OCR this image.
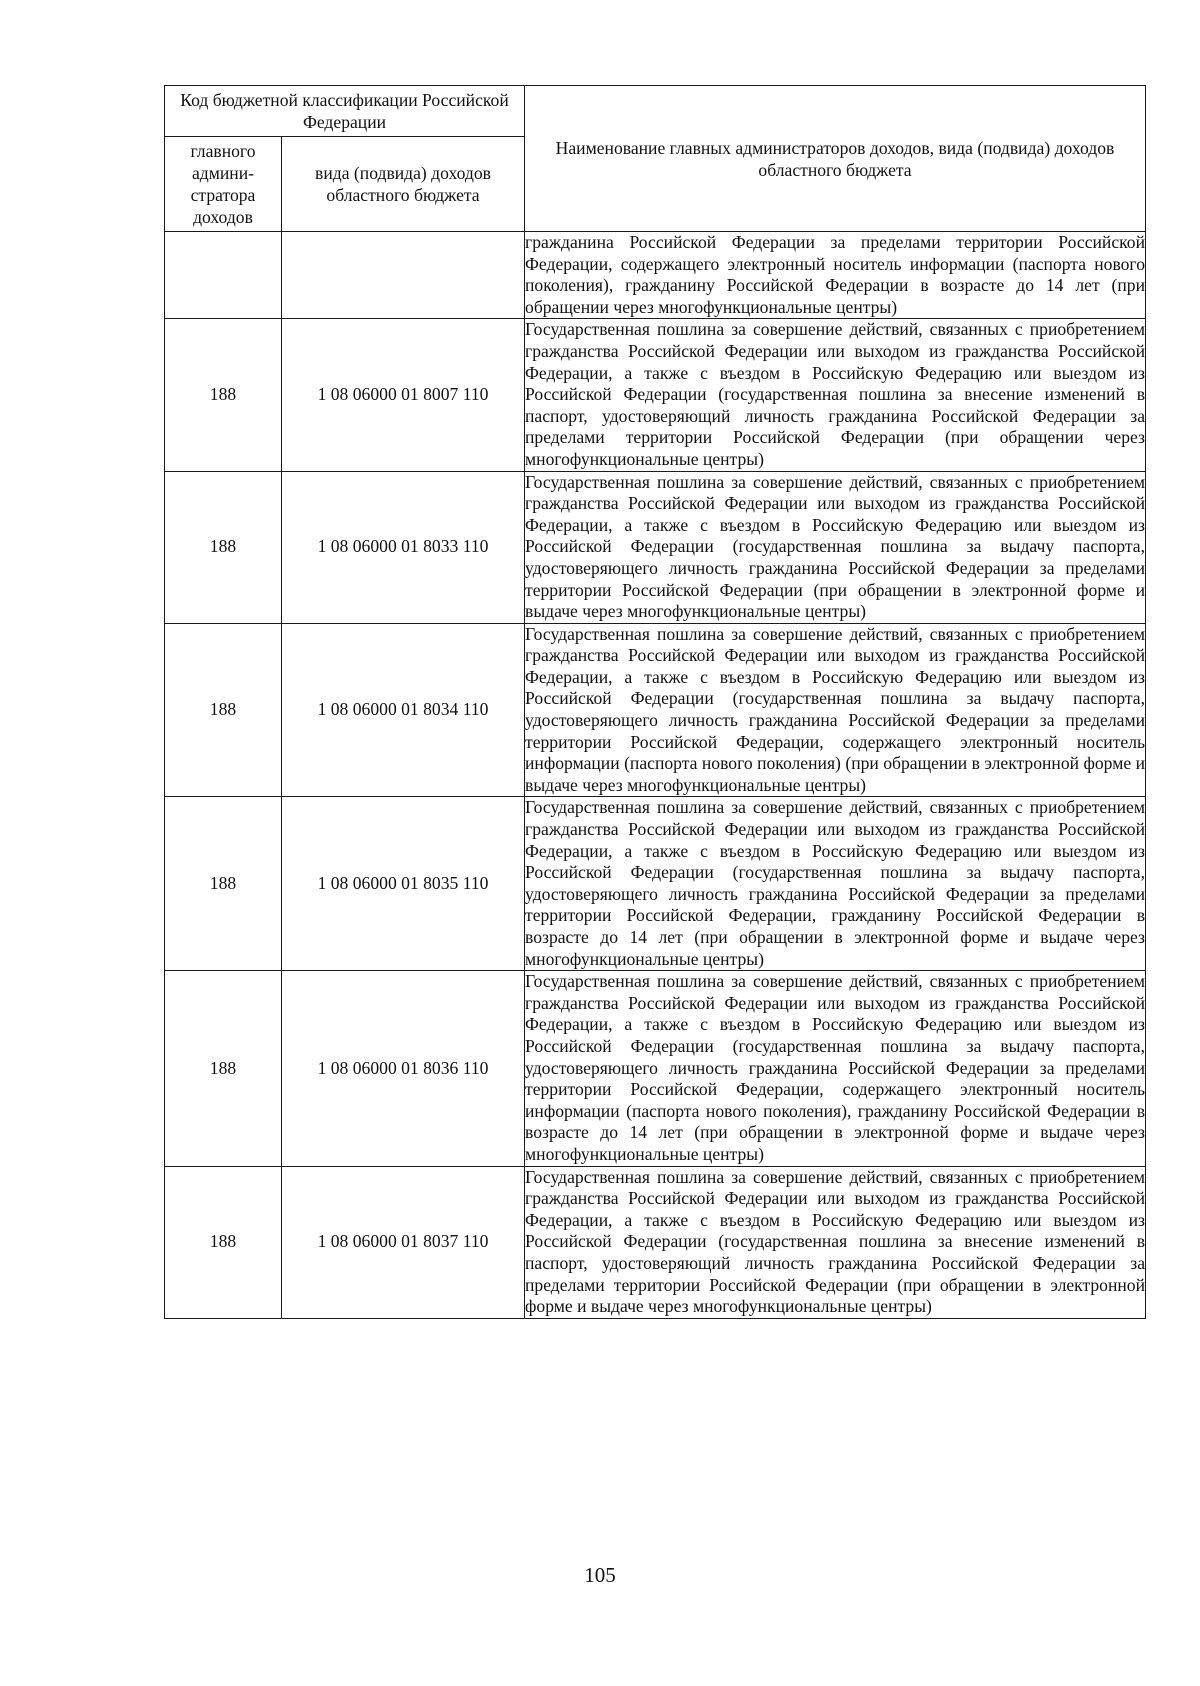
Код бюджетной классификации Российской Федерации		Наименование главных администраторов доходов, вида (подвида) доходов областного бюджета
главного админи-стратора доходов	вида (подвида) доходов областного бюджета	
		гражданина Российской Федерации за пределами территории Российской Федерации, содержащего электронный носитель информации (паспорта нового поколения), гражданину Российской Федерации в возрасте до 14 лет (при обращении через многофункциональные центры)
188	1 08 06000 01 8007 110	Государственная пошлина за совершение действий, связанных с приобретением гражданства Российской Федерации или выходом из гражданства Российской Федерации, а также с въездом в Российскую Федерацию или выездом из Российской Федерации (государственная пошлина за внесение изменений в паспорт, удостоверяющий личность гражданина Российской Федерации за пределами территории Российской Федерации (при обращении через многофункциональные центры)
188	1 08 06000 01 8033 110	Государственная пошлина за совершение действий, связанных с приобретением гражданства Российской Федерации или выходом из гражданства Российской Федерации, а также с въездом в Российскую Федерацию или выездом из Российской Федерации (государственная пошлина за выдачу паспорта, удостоверяющего личность гражданина Российской Федерации за пределами территории Российской Федерации (при обращении в электронной форме и выдаче через многофункциональные центры)
188	1 08 06000 01 8034 110	Государственная пошлина за совершение действий, связанных с приобретением гражданства Российской Федерации или выходом из гражданства Российской Федерации, а также с въездом в Российскую Федерацию или выездом из Российской Федерации (государственная пошлина за выдачу паспорта, удостоверяющего личность гражданина Российской Федерации за пределами территории Российской Федерации, содержащего электронный носитель информации (паспорта нового поколения) (при обращении в электронной форме и выдаче через многофункциональные центры)
188	1 08 06000 01 8035 110	Государственная пошлина за совершение действий, связанных с приобретением гражданства Российской Федерации или выходом из гражданства Российской Федерации, а также с въездом в Российскую Федерацию или выездом из Российской Федерации (государственная пошлина за выдачу паспорта, удостоверяющего личность гражданина Российской Федерации за пределами территории Российской Федерации, гражданину Российской Федерации в возрасте до 14 лет (при обращении в электронной форме и выдаче через многофункциональные центры)
188	1 08 06000 01 8036 110	Государственная пошлина за совершение действий, связанных с приобретением гражданства Российской Федерации или выходом из гражданства Российской Федерации, а также с въездом в Российскую Федерацию или выездом из Российской Федерации (государственная пошлина за выдачу паспорта, удостоверяющего личность гражданина Российской Федерации за пределами территории Российской Федерации, содержащего электронный носитель информации (паспорта нового поколения), гражданину Российской Федерации в возрасте до 14 лет (при обращении в электронной форме и выдаче через многофункциональные центры)
188	1 08 06000 01 8037 110	Государственная пошлина за совершение действий, связанных с приобретением гражданства Российской Федерации или выходом из гражданства Российской Федерации, а также с въездом в Российскую Федерацию или выездом из Российской Федерации (государственная пошлина за внесение изменений в паспорт, удостоверяющий личность гражданина Российской Федерации за пределами территории Российской Федерации (при обращении в электронной форме и выдаче через многофункциональные центры)
105
